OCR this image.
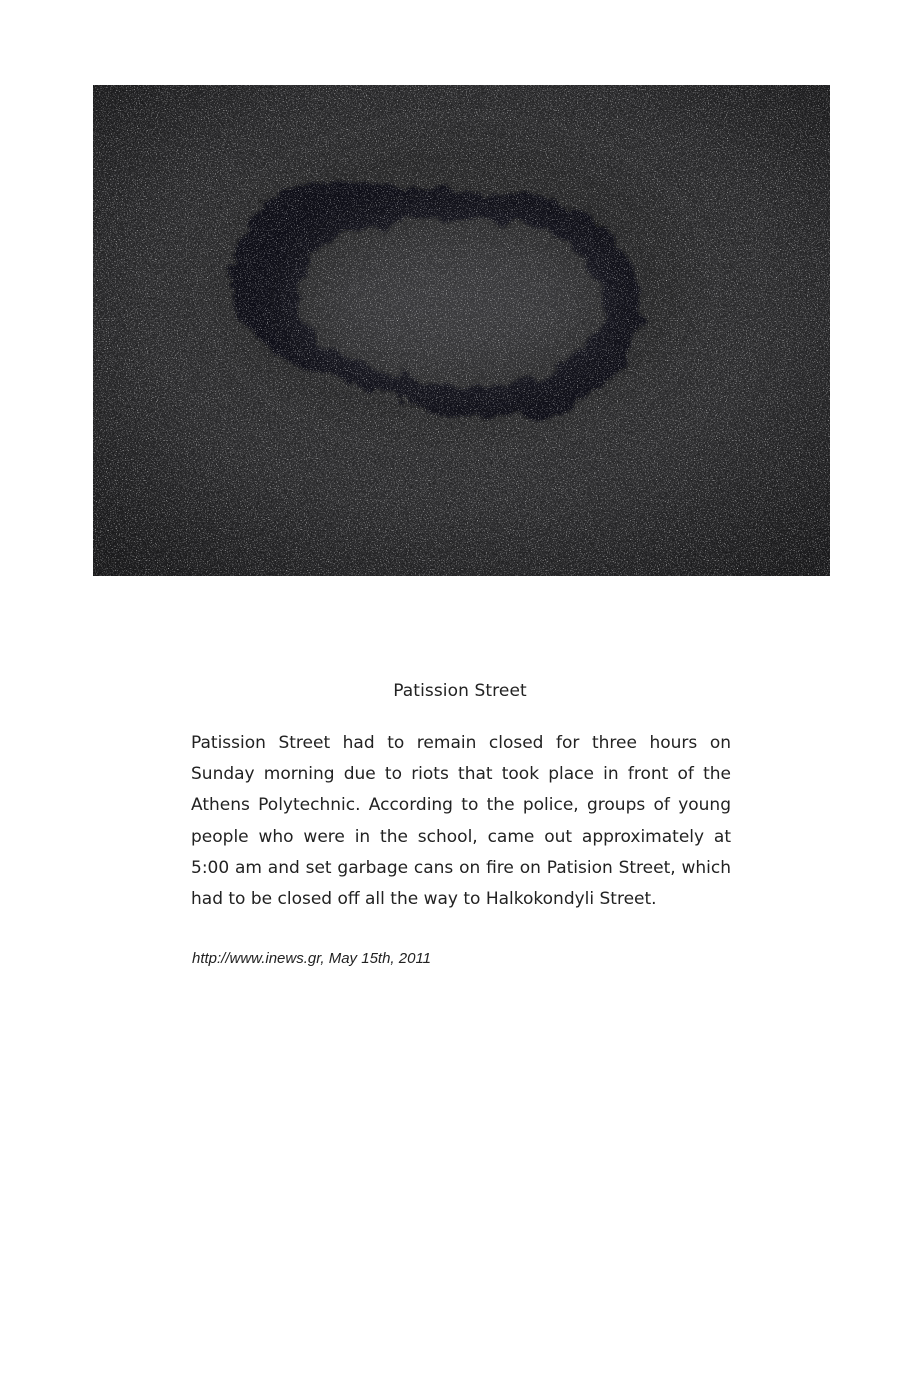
Patission Street

Patission Street had to remain closed for three hours on Sunday morning due to riots that took place in front of the Athens Polytechnic. According to the police, groups of young people who were in the school, came out approximately at 5:00 am and set garbage cans on fire on Patision Street, which had to be closed off all the way to Halkokondyli Street.

http://www.inews.gr, May 15th, 2011
